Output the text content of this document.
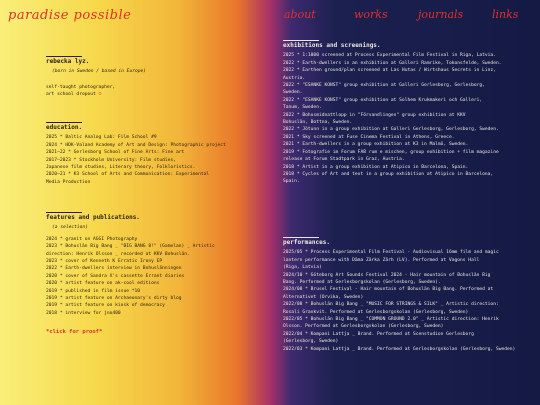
paradise possible	about	works	journals	links
rebecka lyz.
(born in Sweden / based in Europe)
self-taught photographer,
art school dropout ☺
education.
2025 * Baltic Analog Lab: Film School #9
2024 * HDK-Valand Academy of Art and Design: Photographic project
2021–22 * Gerlesborg School of Fine Arts: Fine art
2017–2023 * Stockholm University: Film studies,
Japanese film studies, Literary theory, Folkloristics.
2020–21 * K3 School of Arts and Communication: Experimental
Media Production
features and publications.
(a selection)
2024 * granit on AGGI Photography
2023 * Bohuslän Big Bang _ "BIG BANG 8!" (Gamelan) _ Artistic
direction: Henrik Olsson _ recorded at KKV Bohuslän.
2023 * cover of Kenneth K Erratic Irony EP
2022 * Earth-dwellers interview in Bohuslänningen
2020 * cover of Sandra X's cassette Errant diaries
2020 * artist feature on ak-cool editions
2019 * published in film issue *10
2019 * artist feature on Archaeonary's dirty blog
2019 * artist feature on kiosk of democracy
2018 * interview for jno400
*click for proof*
exhibitions and screenings.
2025 * 1:1000 screened at Process Experimental Film Festival in Riga, Latvia.
2022 * Earth-dwellers in an exhibition at Galleri Ramrike, Tokonsfelde, Sweden.
2022 * Earthen ground/plan screened at Las Hutas / Wirtshaus Secrets in Linz,
Austria.
2022 * "ESANKE KONST" group exhibition at Galleri Gerlesborg, Gerlesborg,
Sweden.
2022 * "ESANKE KONST" group exhibition at Solhem Krukmakeri och Galleri,
Tanum, Sweden.
2022 * Bohusmidnattlopp in "Förvandlingen" group exhibition at KKV
Bohuslän, Bottna, Sweden.
2022 * Jötunn in a group exhibition at Galleri Gerlesborg, Gerlesborg, Sweden.
2021 * Sky screened at Fuse Cinema Festival in Athens, Greece.
2021 * Earth-dwellers in a group exhibition at K3 in Malmö, Sweden.
2019 * Fotografie im Forum FAB rum e mischen, group exhibition + film magazine
release at Forum Stadtpark in Graz, Austria.
2018 * Artist in a group exhibition at Atipico in Barcelona, Spain.
2018 * Cycles of Art and text in a group exhibition at Atipico in Barcelona,
Spain.
performances.
2025/05 * Process Experimental Film Festival - Audiovisual 16mm film and magic
lantern performance with Dāma Zārka Zārh (LV). Performed at Vagons Hall
(Riga, Latvia)
2024/10 * Göteborg Art Sounds Festival 2024 - Hair mountain of Bohuslän Big
Bang. Performed at Gerlesborgskolan (Gerlesborg, Sweden).
2024/08 * Brusel Festival - Hair mountain of Bohuslän Big Bang. Performed at
Alternativet (Orvika, Sweden)
2022/08 * Bohuslän Big Bang _ "MUSIC FOR STRINGS & SILK" _ Artistic direction:
Rosali Grankvit. Performed at Gerlesborgskolan (Gerlesborg, Sweden)
2022/05 * Bohuslän Big Bang _ "COMMON GROUND 2.0" _ Artistic direction: Henrik
Olsson. Performed at Gerlesborgskolan (Gerlesborg, Sweden)
2022/04 * Kompani Lattja _ Brand. Performed at Scenstudion Gerlesborg
(Gerlesborg, Sweden)
2022/03 * Kompani Lattja _ Brand. Performed at Gerlesborgskolan (Gerlesborg, Sweden)
